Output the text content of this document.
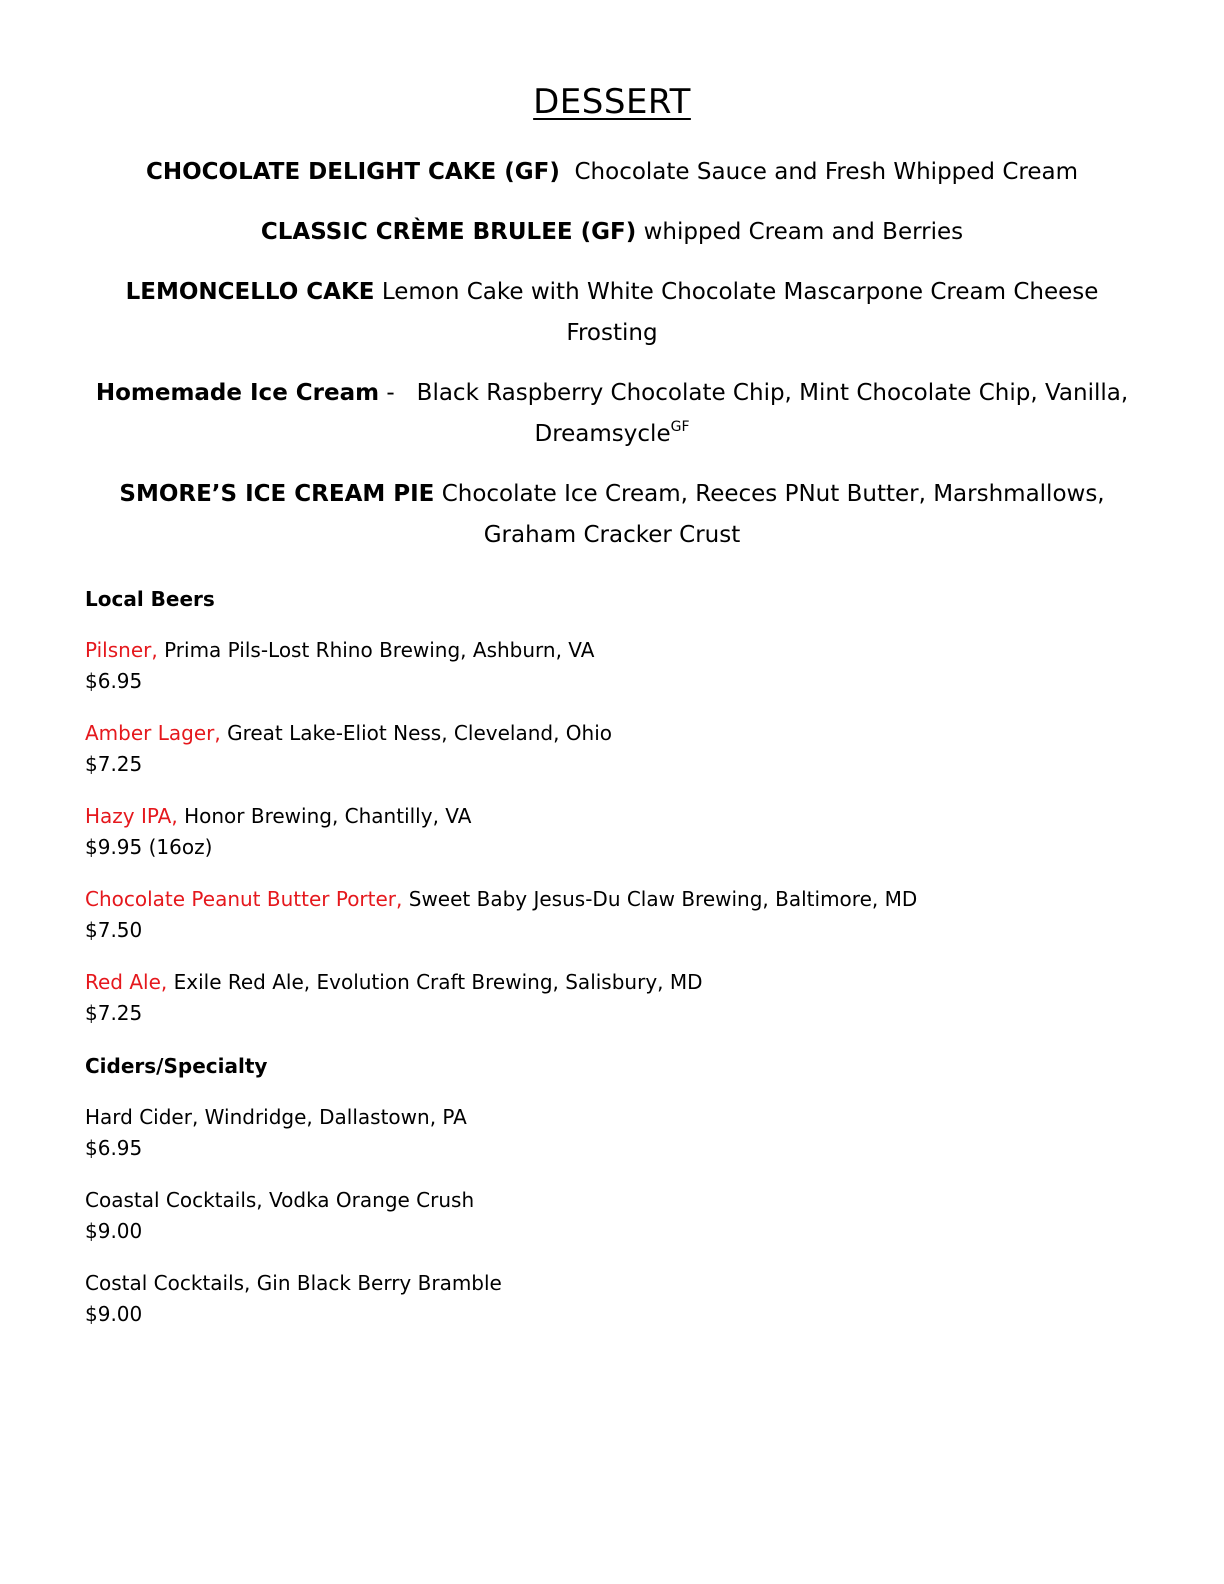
DESSERT
CHOCOLATE DELIGHT CAKE (GF) Chocolate Sauce and Fresh Whipped Cream
CLASSIC CRÈME BRULEE (GF) whipped Cream and Berries
LEMONCELLO CAKE Lemon Cake with White Chocolate Mascarpone Cream Cheese Frosting
Homemade Ice Cream - Black Raspberry Chocolate Chip, Mint Chocolate Chip, Vanilla, Dreamsycle$^{GF}$
SMORE’S ICE CREAM PIE Chocolate Ice Cream, Reeces PNut Butter, Marshmallows, Graham Cracker Crust
Local Beers
Pilsner, Prima Pils-Lost Rhino Brewing, Ashburn, VA
$6.95
Amber Lager, Great Lake-Eliot Ness, Cleveland, Ohio
$7.25
Hazy IPA, Honor Brewing, Chantilly, VA
$9.95 (16oz)
Chocolate Peanut Butter Porter, Sweet Baby Jesus-Du Claw Brewing, Baltimore, MD
$7.50
Red Ale, Exile Red Ale, Evolution Craft Brewing, Salisbury, MD
$7.25
Ciders/Specialty
Hard Cider, Windridge, Dallastown, PA
$6.95
Coastal Cocktails, Vodka Orange Crush
$9.00
Costal Cocktails, Gin Black Berry Bramble
$9.00
